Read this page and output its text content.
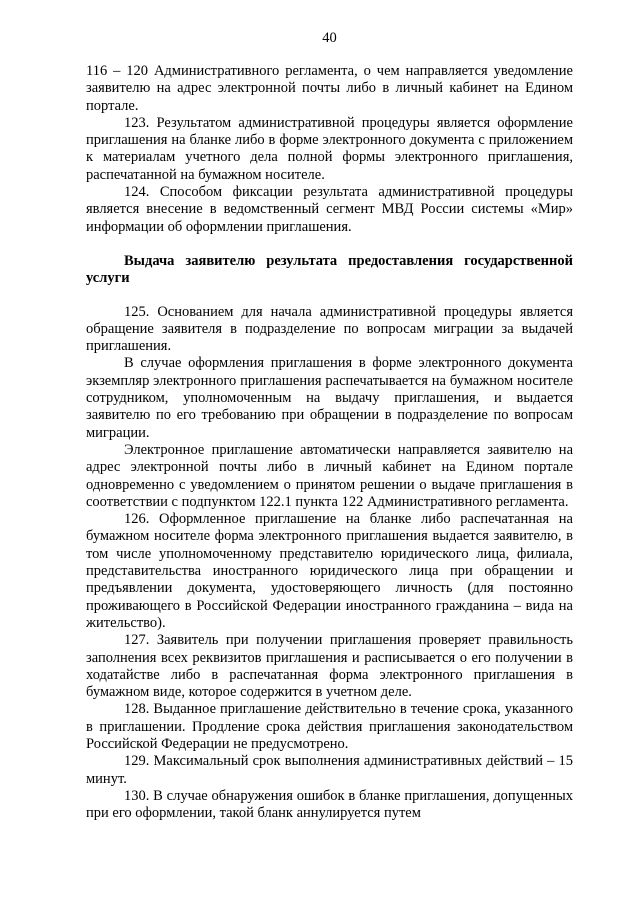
40

116 – 120 Административного регламента, о чем направляется уведомление заявителю на адрес электронной почты либо в личный кабинет на Едином портале.

123. Результатом административной процедуры является оформление приглашения на бланке либо в форме электронного документа с приложением к материалам учетного дела полной формы электронного приглашения, распечатанной на бумажном носителе.

124. Способом фиксации результата административной процедуры является внесение в ведомственный сегмент МВД России системы «Мир» информации об оформлении приглашения.

Выдача заявителю результата предоставления государственной услуги

125. Основанием для начала административной процедуры является обращение заявителя в подразделение по вопросам миграции за выдачей приглашения.

В случае оформления приглашения в форме электронного документа экземпляр электронного приглашения распечатывается на бумажном носителе сотрудником, уполномоченным на выдачу приглашения, и выдается заявителю по его требованию при обращении в подразделение по вопросам миграции.

Электронное приглашение автоматически направляется заявителю на адрес электронной почты либо в личный кабинет на Едином портале одновременно с уведомлением о принятом решении о выдаче приглашения в соответствии с подпунктом 122.1 пункта 122 Административного регламента.

126. Оформленное приглашение на бланке либо распечатанная на бумажном носителе форма электронного приглашения выдается заявителю, в том числе уполномоченному представителю юридического лица, филиала, представительства иностранного юридического лица при обращении и предъявлении документа, удостоверяющего личность (для постоянно проживающего в Российской Федерации иностранного гражданина – вида на жительство).

127. Заявитель при получении приглашения проверяет правильность заполнения всех реквизитов приглашения и расписывается о его получении в ходатайстве либо в распечатанная форма электронного приглашения в бумажном виде, которое содержится в учетном деле.

128. Выданное приглашение действительно в течение срока, указанного в приглашении. Продление срока действия приглашения законодательством Российской Федерации не предусмотрено.

129. Максимальный срок выполнения административных действий – 15 минут.

130. В случае обнаружения ошибок в бланке приглашения, допущенных при его оформлении, такой бланк аннулируется путем
